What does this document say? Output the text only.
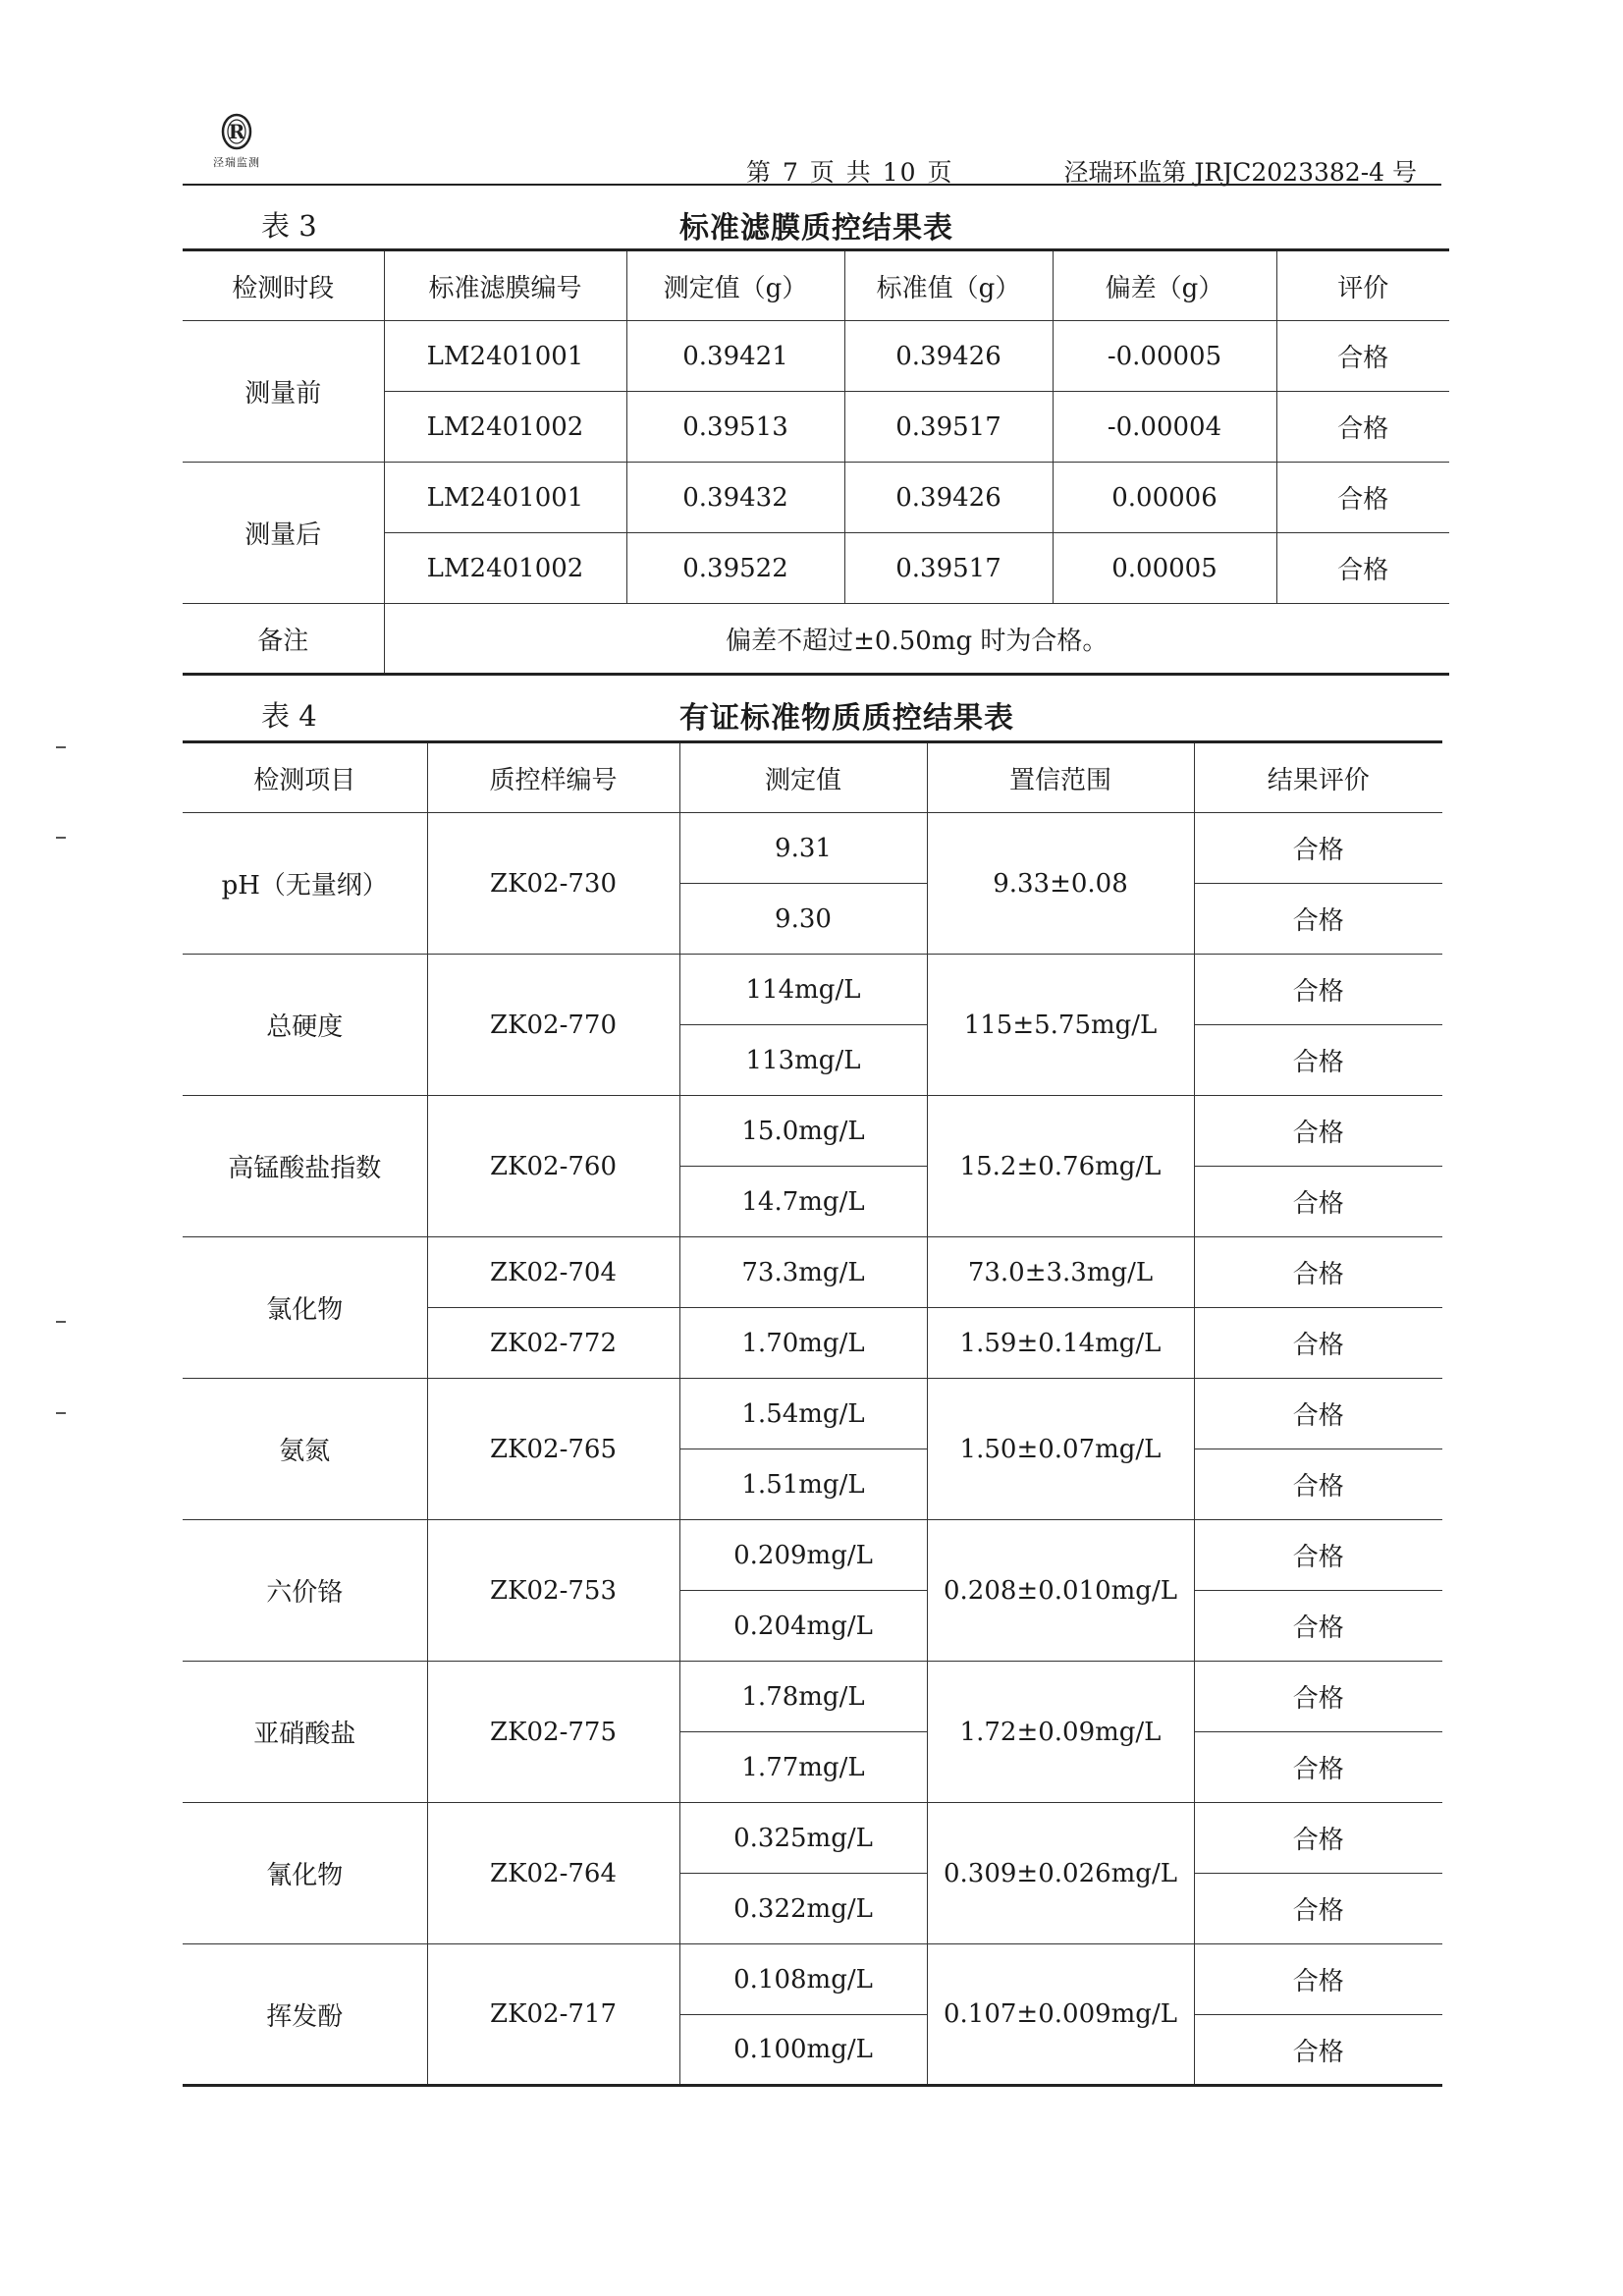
R
泾瑞监测	第 7 页 共 10 页	泾瑞环监第 JRJC2023382-4 号
表 3	标准滤膜质控结果表
检测时段	标准滤膜编号	测定值（g）	标准值（g）	偏差（g）	评价
测量前	LM2401001	0.39421	0.39426	-0.00005	合格
	LM2401002	0.39513	0.39517	-0.00004	合格
测量后	LM2401001	0.39432	0.39426	0.00006	合格
	LM2401002	0.39522	0.39517	0.00005	合格
备注	偏差不超过±0.50mg 时为合格。				
表 4	有证标准物质质控结果表
检测项目	质控样编号	测定值	置信范围	结果评价
pH（无量纲）	ZK02-730	9.31	9.33±0.08	合格
		9.30		合格
总硬度	ZK02-770	114mg/L	115±5.75mg/L	合格
		113mg/L		合格
高锰酸盐指数	ZK02-760	15.0mg/L	15.2±0.76mg/L	合格
		14.7mg/L		合格
氯化物	ZK02-704	73.3mg/L	73.0±3.3mg/L	合格
	ZK02-772	1.70mg/L	1.59±0.14mg/L	合格
氨氮	ZK02-765	1.54mg/L	1.50±0.07mg/L	合格
		1.51mg/L		合格
六价铬	ZK02-753	0.209mg/L	0.208±0.010mg/L	合格
		0.204mg/L		合格
亚硝酸盐	ZK02-775	1.78mg/L	1.72±0.09mg/L	合格
		1.77mg/L		合格
氰化物	ZK02-764	0.325mg/L	0.309±0.026mg/L	合格
		0.322mg/L		合格
挥发酚	ZK02-717	0.108mg/L	0.107±0.009mg/L	合格
		0.100mg/L		合格
